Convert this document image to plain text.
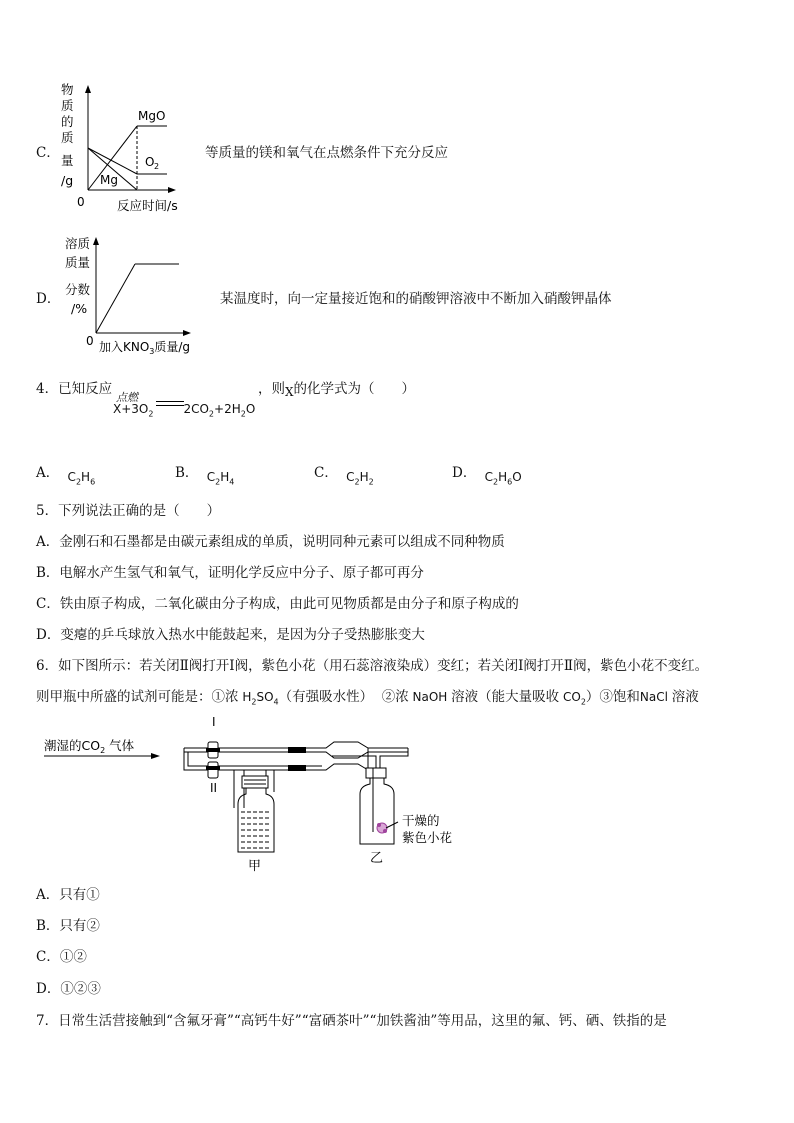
C．
物
质
的
质
量
/g
0
MgO
O 2
Mg
反应时间/s
等质量的镁和氧气在点燃条件下充分反应
D．
溶质
质量
分数
/%
0 加入$KNO_3$质量/g
某温度时，向一定量接近饱和的硝酸钾溶液中不断加入硝酸钾晶体
4．已知反应	，则X的化学式为（　　）
点燃
$X+3O_2$	$2CO_2+2H_2O$
A． $C_2H_6$
B． $C_2H_4$
C． $C_2H_2$
D． $C_2H_6O$
5．下列说法正确的是（　　）
A．金刚石和石墨都是由碳元素组成的单质，说明同种元素可以组成不同种物质
B．电解水产生氢气和氧气，证明化学反应中分子、原子都可再分
C．铁由原子构成，二氧化碳由分子构成，由此可见物质都是由分子和原子构成的
D．变瘪的乒乓球放入热水中能鼓起来，是因为分子受热膨胀变大
6．如下图所示：若关闭Ⅱ阀打开Ⅰ阀，紫色小花（用石蕊溶液染成）变红；若关闭Ⅰ阀打开Ⅱ阀，紫色小花不变红。
则甲瓶中所盛的试剂可能是：①浓 $H_2SO_4$（有强吸水性） ②浓 NaOH 溶液（能大量吸收 $CO_2)③$饱和NaCl 溶液
潮湿的$CO_2$ 气体
I
II
甲
干燥的
紫色小花
乙
A．只有①
B．只有②
C．①②
D．①②③
7．日常生活营接触到“含氟牙膏”“高钙牛好”“富硒茶叶”“加铁酱油”等用品，这里的氟、钙、硒、铁指的是
